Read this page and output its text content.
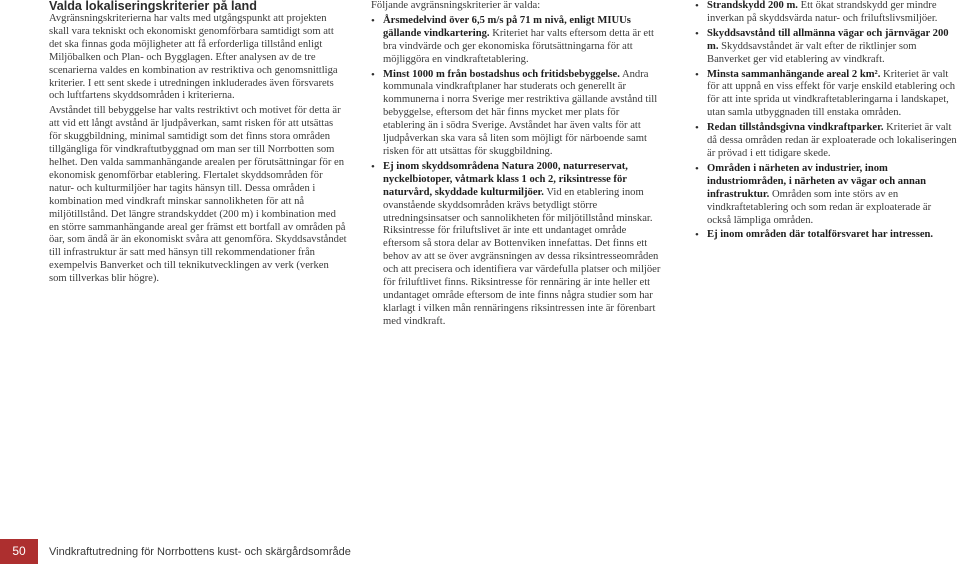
Valda lokaliseringskriterier på land

Avgränsningskriterierna har valts med utgångspunkt att projekten skall vara tekniskt och ekonomiskt genomförbara samtidigt som att det ska finnas goda möjligheter att få erforderliga tillstånd enligt Miljöbalken och Plan- och Bygglagen. Efter analysen av de tre scenarierna valdes en kombination av restriktiva och genomsnittliga kriterier. I ett sent skede i utredningen inkluderades även försvarets och luftfartens skyddsområden i kriterierna.

Avståndet till bebyggelse har valts restriktivt och motivet för detta är att vid ett långt avstånd är ljudpåverkan, samt risken för att utsättas för skuggbildning, minimal samtidigt som det finns stora områden tillgängliga för vindkraftutbyggnad om man ser till Norrbotten som helhet. Den valda sammanhängande arealen per förutsättningar för en ekonomisk genomförbar etablering. Flertalet skyddsområden för natur- och kulturmiljöer har tagits hänsyn till. Dessa områden i kombination med vindkraft minskar sannolikheten för att nå miljötillstånd. Det längre strandskyddet (200 m) i kombination med en större sammanhängande areal ger främst ett bortfall av områden på öar, som ändå är än ekonomiskt svåra att genomföra. Skyddsavståndet till infrastruktur är satt med hänsyn till rekommendationer från exempelvis Banverket och till teknikutvecklingen av verk (verken som tillverkas blir högre).

Följande avgränsningskriterier är valda:

• Årsmedelvind över 6,5 m/s på 71 m nivå, enligt MIUUs gällande vindkartering. Kriteriet har valts eftersom detta är ett bra vindvärde och ger ekonomiska förutsättningarna för att möjliggöra en vindkraftetablering.
• Minst 1000 m från bostadshus och fritidsbebyggelse. Andra kommunala vindkraftplaner har studerats och generellt är kommunerna i norra Sverige mer restriktiva gällande avstånd till bebyggelse, eftersom det här finns mycket mer plats för etablering än i södra Sverige. Avståndet har även valts för att ljudpåverkan ska vara så liten som möjligt för närboende samt risken för att utsättas för skuggbildning.
• Ej inom skyddsområdena Natura 2000, naturreservat, nyckelbiotoper, våtmark klass 1 och 2, riksintresse för naturvård, skyddade kulturmiljöer. Vid en etablering inom ovanstående skyddsområden krävs betydligt större utredningsinsatser och sannolikheten för miljötillstånd minskar. Riksintresse för friluftslivet är inte ett undantaget område eftersom så stora delar av Bottenviken innefattas. Det finns ett behov av att se över avgränsningen av dessa riksintresseområden och att precisera och identifiera var värdefulla platser och miljöer för friluftlivet finns. Riksintresse för rennäring är inte heller ett undantaget område eftersom de inte finns några studier som har klarlagt i vilken mån rennäringens riksintressen inte är förenbart med vindkraft.
• Strandskydd 200 m. Ett ökat strandskydd ger mindre inverkan på skyddsvärda natur- och friluftslivsmiljöer.
• Skyddsavstånd till allmänna vägar och järnvägar 200 m. Skyddsavståndet är valt efter de riktlinjer som Banverket ger vid etablering av vindkraft.
• Minsta sammanhängande areal 2 km². Kriteriet är valt för att uppnå en viss effekt för varje enskild etablering och för att inte sprida ut vindkraftetableringarna i landskapet, utan samla utbyggnaden till enstaka områden.
• Redan tillståndsgivna vindkraftparker. Kriteriet är valt då dessa områden redan är exploaterade och lokaliseringen är prövad i ett tidigare skede.
• Områden i närheten av industrier, inom industriområden, i närheten av vägar och annan infrastruktur. Områden som inte störs av en vindkraftetablering och som redan är exploaterade är också lämpliga områden.
• Ej inom områden där totalförsvaret har intressen.
50	Vindkraftutredning för Norrbottens kust- och skärgårdsområde
